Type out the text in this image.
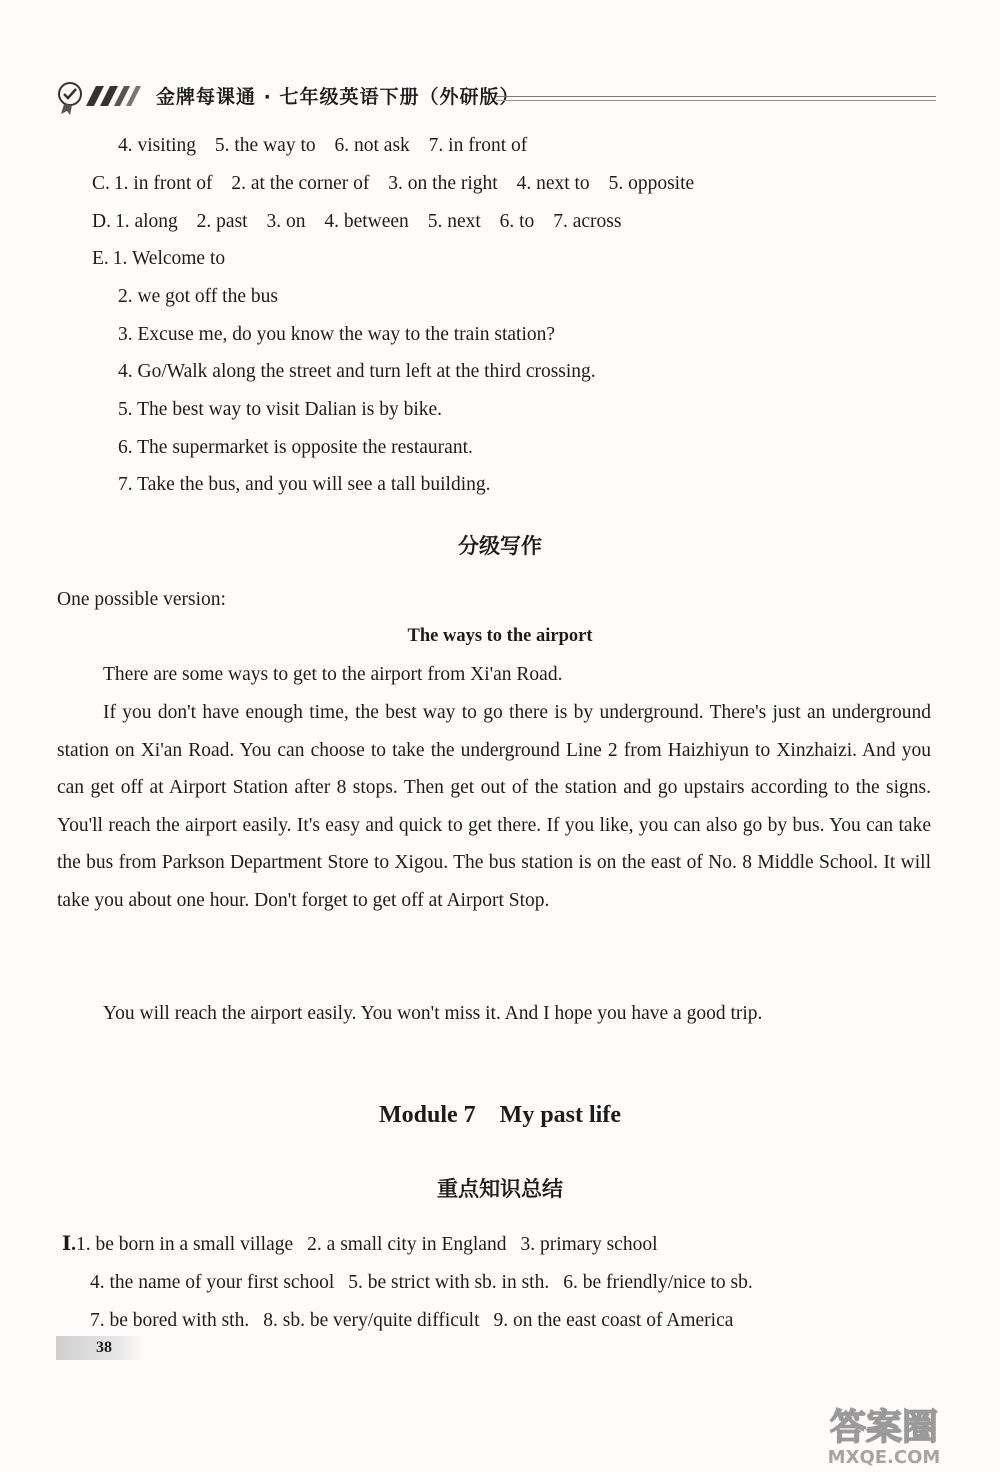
金牌每课通 · 七年级英语下册（外研版）
4. visiting 5. the way to 6. not ask 7. in front of
C. 1. in front of 2. at the corner of 3. on the right 4. next to 5. opposite
D. 1. along 2. past 3. on 4. between 5. next 6. to 7. across
E. 1. Welcome to
2. we got off the bus
3. Excuse me, do you know the way to the train station?
4. Go/Walk along the street and turn left at the third crossing.
5. The best way to visit Dalian is by bike.
6. The supermarket is opposite the restaurant.
7. Take the bus, and you will see a tall building.
分级写作
One possible version:
The ways to the airport
There are some ways to get to the airport from Xi'an Road.
If you don't have enough time, the best way to go there is by underground. There's just an underground station on Xi'an Road. You can choose to take the underground Line 2 from Haizhiyun to Xinzhaizi. And you can get off at Airport Station after 8 stops. Then get out of the station and go upstairs according to the signs. You'll reach the airport easily. It's easy and quick to get there. If you like, you can also go by bus. You can take the bus from Parkson Department Store to Xigou. The bus station is on the east of No. 8 Middle School. It will take you about one hour. Don't forget to get off at Airport Stop.
You will reach the airport easily. You won't miss it. And I hope you have a good trip.
Module 7　My past life
重点知识总结
Ⅰ.1. be born in a small village 2. a small city in England 3. primary school
4. the name of your first school 5. be strict with sb. in sth. 6. be friendly/nice to sb.
7. be bored with sth. 8. sb. be very/quite difficult 9. on the east coast of America
38
答案圈
MXQE.COM
